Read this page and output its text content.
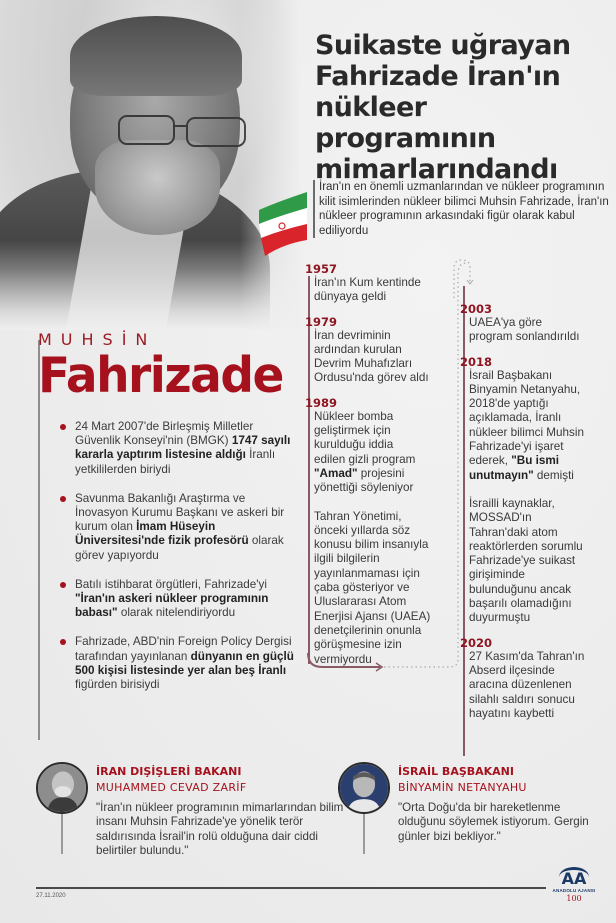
Suikaste uğrayan
Fahrizade İran'ın
nükleer programının
mimarlarındandı

İran'ın en önemli uzmanlarından ve nükleer programının kilit isimlerinden nükleer bilimci Muhsin Fahrizade, İran'ın nükleer programının arkasındaki figür olarak kabul ediliyordu

MUHSİN
Fahrizade
24 Mart 2007'de Birleşmiş Milletler Güvenlik Konseyi'nin (BMGK) 1747 sayılı kararla yaptırım listesine aldığı İranlı yetkililerden biriydi
Savunma Bakanlığı Araştırma ve İnovasyon Kurumu Başkanı ve askeri bir kurum olan İmam Hüseyin Üniversitesi'nde fizik profesörü olarak görev yapıyordu
Batılı istihbarat örgütleri, Fahrizade'yi "İran'ın askeri nükleer programının babası" olarak nitelendiriyordu
Fahrizade, ABD'nin Foreign Policy Dergisi tarafından yayınlanan dünyanın en güçlü 500 kişisi listesinde yer alan beş İranlı figürden birisiydi
1957
İran'ın Kum kentinde dünyaya geldi
1979
İran devriminin ardından kurulan Devrim Muhafızları Ordusu'nda görev aldı
1989
Nükleer bomba geliştirmek için kurulduğu iddia edilen gizli program "Amad" projesini yönettiği söyleniyor
Tahran Yönetimi, önceki yıllarda söz konusu bilim insanıyla ilgili bilgilerin yayınlanmaması için çaba gösteriyor ve Uluslararası Atom Enerjisi Ajansı (UAEA) denetçilerinin onunla görüşmesine izin vermiyordu
2003
UAEA'ya göre program sonlandırıldı
2018
İsrail Başbakanı Binyamin Netanyahu, 2018'de yaptığı açıklamada, İranlı nükleer bilimci Muhsin Fahrizade'yi işaret ederek, "Bu ismi unutmayın" demişti
İsrailli kaynaklar, MOSSAD'ın Tahran'daki atom reaktörlerden sorumlu Fahrizade'ye suikast girişiminde bulunduğunu ancak başarılı olamadığını duyurmuştu
2020
27 Kasım'da Tahran'ın Abserd ilçesinde aracına düzenlenen silahlı saldırı sonucu hayatını kaybetti
İRAN DIŞİŞLERİ BAKANI
MUHAMMED CEVAD ZARİF
"İran'ın nükleer programının mimarlarından bilim insanı Muhsin Fahrizade'ye yönelik terör saldırısında İsrail'in rolü olduğuna dair ciddi belirtiler bulundu."
İSRAİL BAŞBAKANI
BİNYAMİN NETANYAHU
"Orta Doğu'da bir hareketlenme olduğunu söylemek istiyorum. Gergin günler bizi bekliyor."
27.11.2020
AA
ANADOLU AJANSI
100
